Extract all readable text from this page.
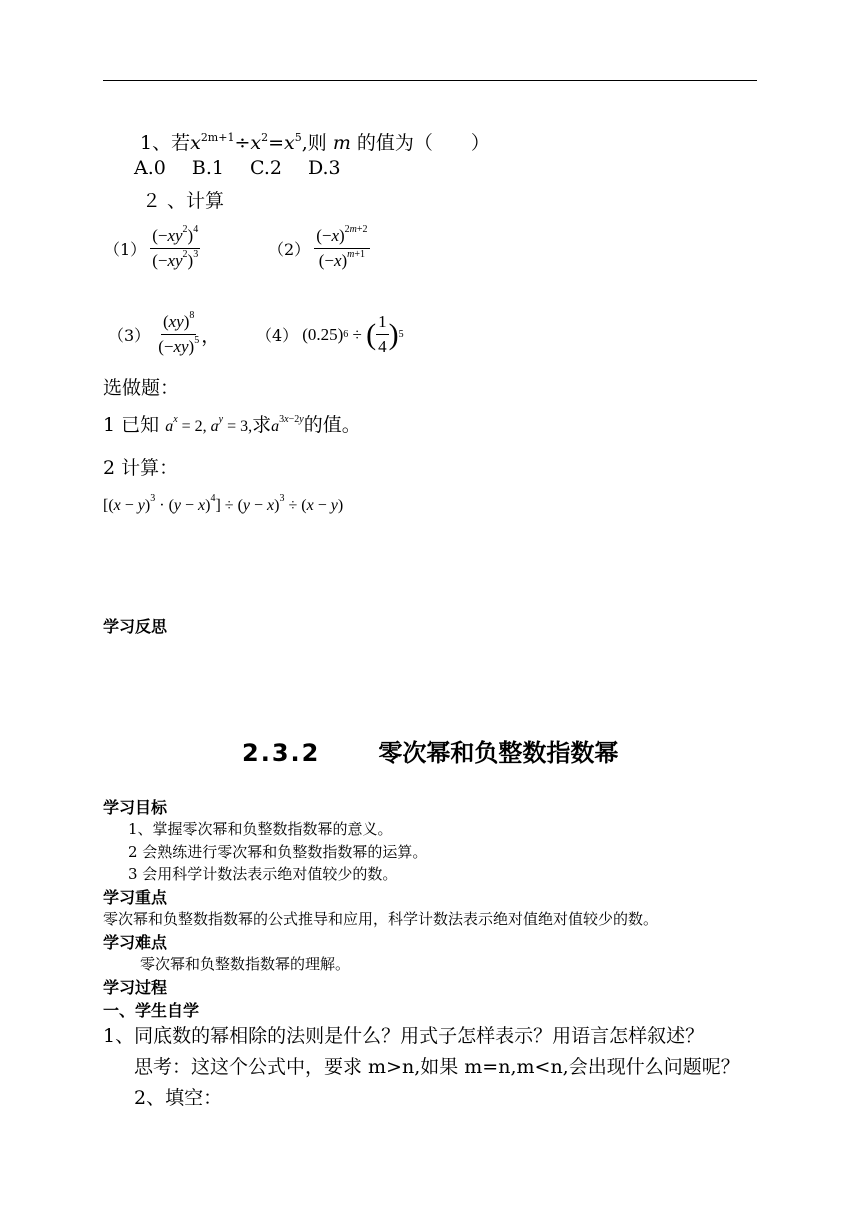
1、若$x^{2m+1}\div x^2=x^5$,则 m 的值为（　　）
A.0 B.1 C.2 D.3
２ 、计算
$(1) \frac{(-xy^2)^4}{(-xy^2)^3}$	$(2) \frac{(-x)^{2m+2}}{(-x)^{m+1}}$
$(3) \frac{(xy)^8}{(-xy)^5}$ ， （4） (0.25) 6 ÷ ( $\frac{1}{4}$ ) 5
选做题：
1 已知 $a^x = 2$, $a^y = 3$,求$a^{3x-2y}$的值。
2 计算：
$[(x - y)^3 \cdot (y - x)^4] \div (y - x)^3 \div (x - y)$
学习反思
2.3.2 零次幂和负整数指数幂
学习目标
1、掌握零次幂和负整数指数幂的意义。
2 会熟练进行零次幂和负整数指数幂的运算。
3 会用科学计数法表示绝对值较少的数。
学习重点
零次幂和负整数指数幂的公式推导和应用，科学计数法表示绝对值绝对值较少的数。
学习难点
零次幂和负整数指数幂的理解。
学习过程
一、学生自学
1、同底数的幂相除的法则是什么？用式子怎样表示？用语言怎样叙述？
思考：这这个公式中，要求 m>n,如果 m=n,m<n,会出现什么问题呢？
2、填空：
